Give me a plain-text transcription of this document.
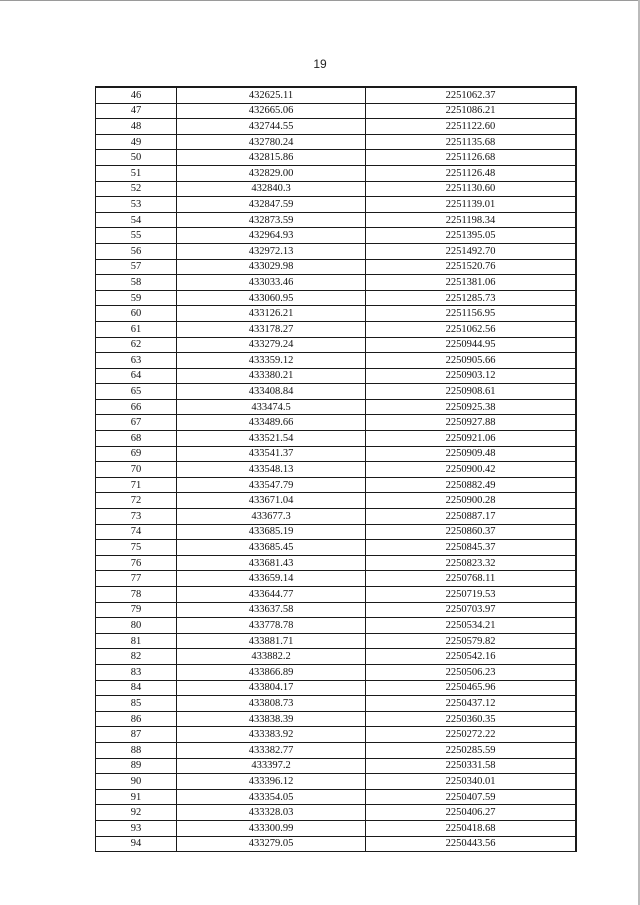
19
46	432625.11	2251062.37
47	432665.06	2251086.21
48	432744.55	2251122.60
49	432780.24	2251135.68
50	432815.86	2251126.68
51	432829.00	2251126.48
52	432840.3	2251130.60
53	432847.59	2251139.01
54	432873.59	2251198.34
55	432964.93	2251395.05
56	432972.13	2251492.70
57	433029.98	2251520.76
58	433033.46	2251381.06
59	433060.95	2251285.73
60	433126.21	2251156.95
61	433178.27	2251062.56
62	433279.24	2250944.95
63	433359.12	2250905.66
64	433380.21	2250903.12
65	433408.84	2250908.61
66	433474.5	2250925.38
67	433489.66	2250927.88
68	433521.54	2250921.06
69	433541.37	2250909.48
70	433548.13	2250900.42
71	433547.79	2250882.49
72	433671.04	2250900.28
73	433677.3	2250887.17
74	433685.19	2250860.37
75	433685.45	2250845.37
76	433681.43	2250823.32
77	433659.14	2250768.11
78	433644.77	2250719.53
79	433637.58	2250703.97
80	433778.78	2250534.21
81	433881.71	2250579.82
82	433882.2	2250542.16
83	433866.89	2250506.23
84	433804.17	2250465.96
85	433808.73	2250437.12
86	433838.39	2250360.35
87	433383.92	2250272.22
88	433382.77	2250285.59
89	433397.2	2250331.58
90	433396.12	2250340.01
91	433354.05	2250407.59
92	433328.03	2250406.27
93	433300.99	2250418.68
94	433279.05	2250443.56
